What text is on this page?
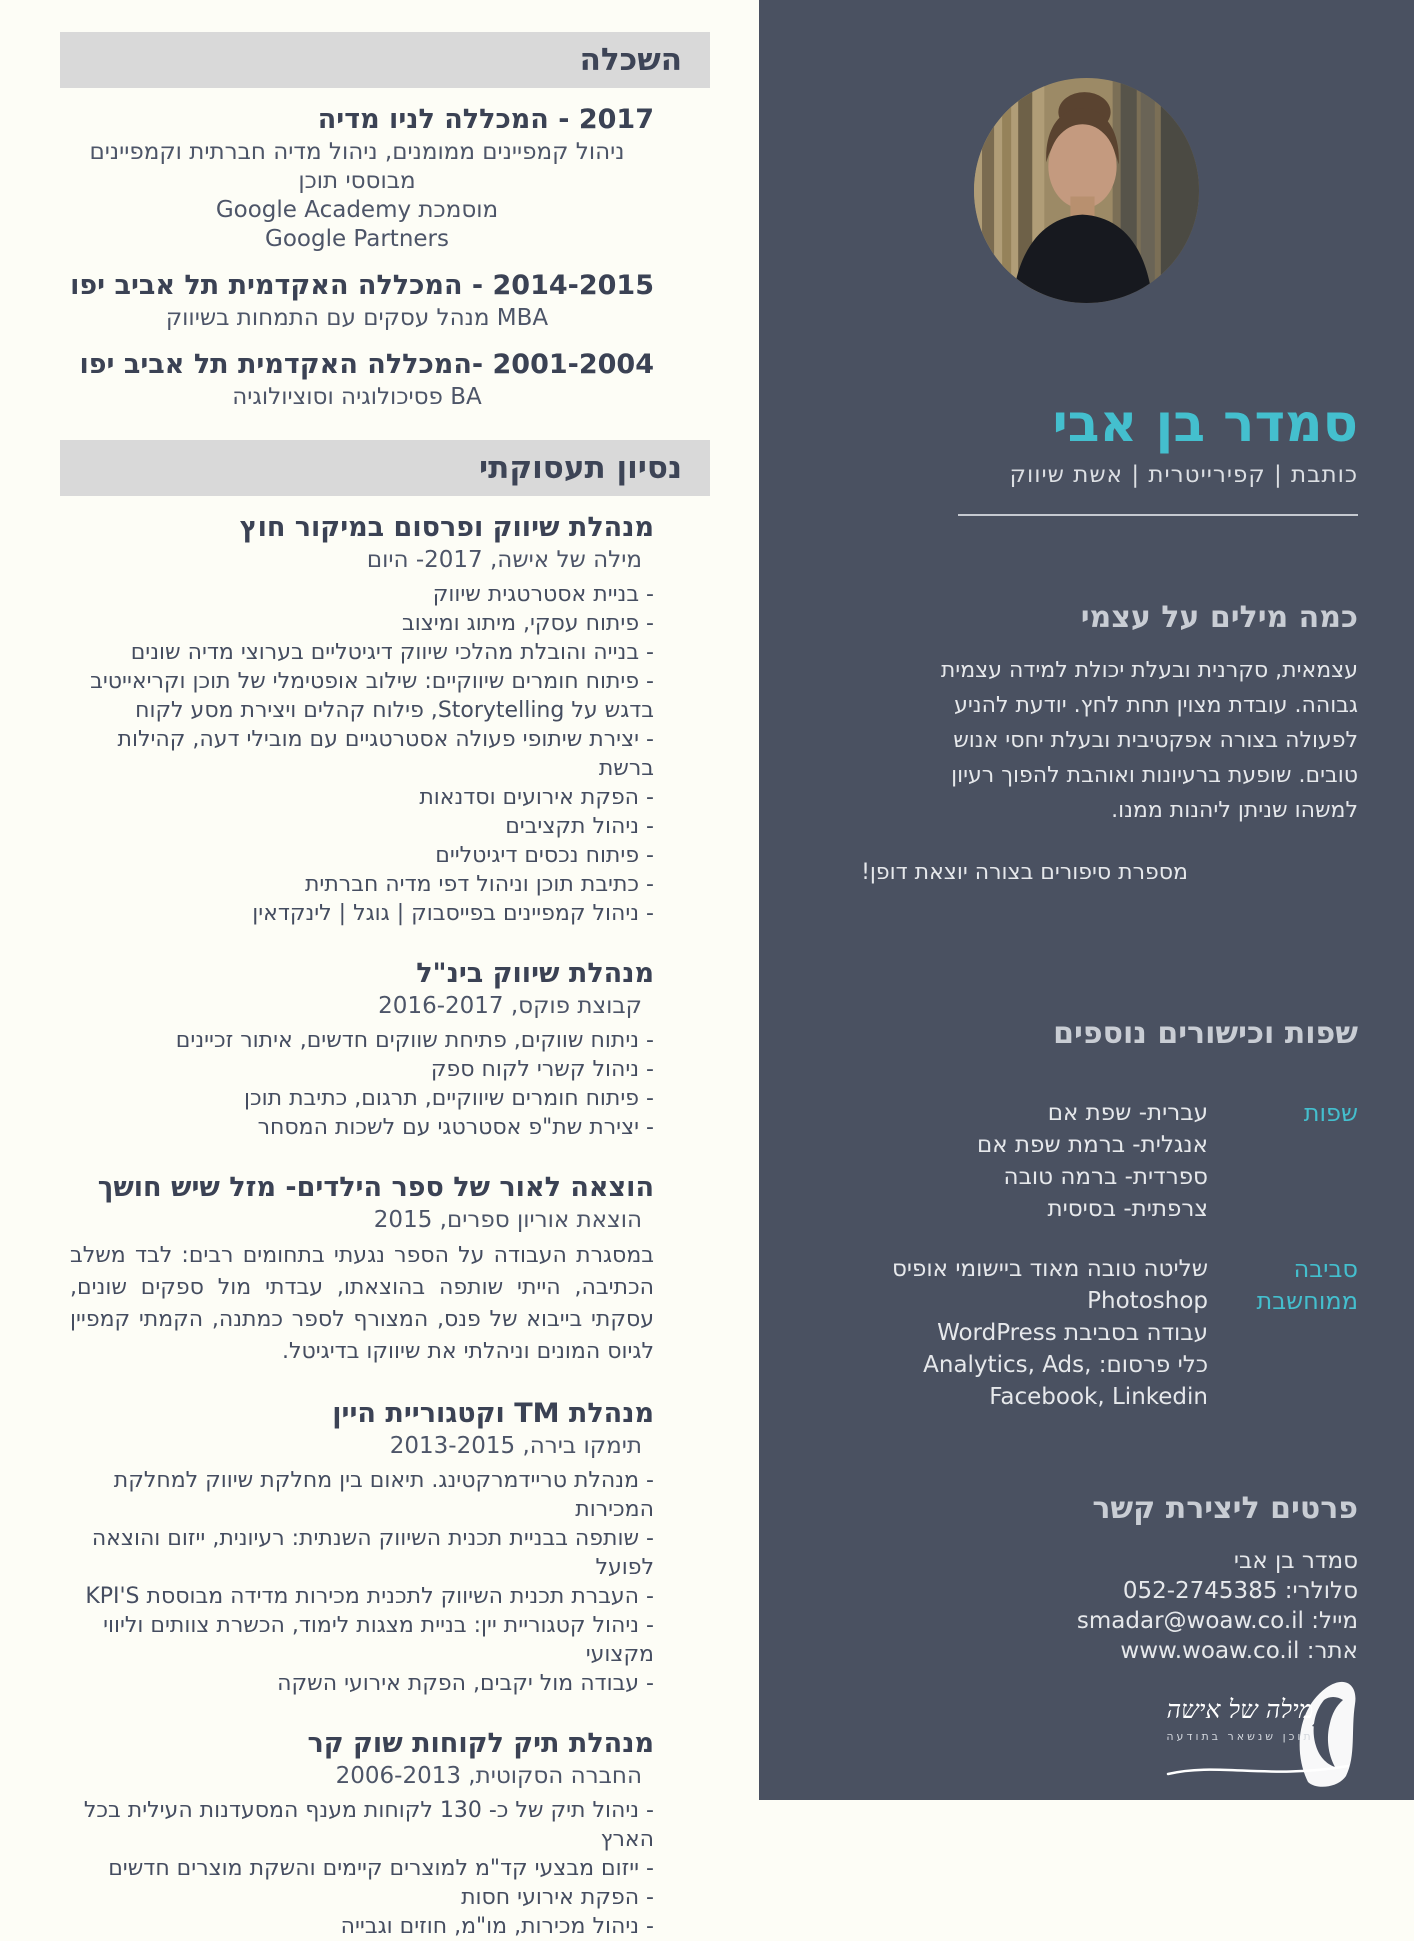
השכלה
2017 - המכללה לניו מדיה
ניהול קמפיינים ממומנים, ניהול מדיה חברתית וקמפיינים מבוססי תוכן
מוסמכת Google Academy
Google Partners
2014-2015 - המכללה האקדמית תל אביב יפו
MBA מנהל עסקים עם התמחות בשיווק
2001-2004 -המכללה האקדמית תל אביב יפו
BA פסיכולוגיה וסוציולוגיה
נסיון תעסוקתי
מנהלת שיווק ופרסום במיקור חוץ
מילה של אישה, 2017- היום
- בניית אסטרטגית שיווק
- פיתוח עסקי, מיתוג ומיצוב
- בנייה והובלת מהלכי שיווק דיגיטליים בערוצי מדיה שונים
- פיתוח חומרים שיווקיים: שילוב אופטימלי של תוכן וקריאייטיב בדגש על Storytelling, פילוח קהלים ויצירת מסע לקוח
- יצירת שיתופי פעולה אסטרטגיים עם מובילי דעה, קהילות ברשת
- הפקת אירועים וסדנאות
- ניהול תקציבים
- פיתוח נכסים דיגיטליים
- כתיבת תוכן וניהול דפי מדיה חברתית
- ניהול קמפיינים בפייסבוק | גוגל | לינקדאין
מנהלת שיווק בינ"ל
קבוצת פוקס, 2016-2017
- ניתוח שווקים, פתיחת שווקים חדשים, איתור זכיינים
- ניהול קשרי לקוח ספק
- פיתוח חומרים שיווקיים, תרגום, כתיבת תוכן
- יצירת שת"פ אסטרטגי עם לשכות המסחר
הוצאה לאור של ספר הילדים- מזל שיש חושך
הוצאת אוריון ספרים, 2015
במסגרת העבודה על הספר נגעתי בתחומים רבים: לבד משלב הכתיבה, הייתי שותפה בהוצאתו, עבדתי מול ספקים שונים, עסקתי בייבוא של פנס, המצורף לספר כמתנה, הקמתי קמפיין לגיוס המונים וניהלתי את שיווקו בדיגיטל.
מנהלת TM וקטגוריית היין
תימקו בירה, 2013-2015
- מנהלת טריידמרקטינג. תיאום בין מחלקת שיווק למחלקת המכירות
- שותפה בבניית תכנית השיווק השנתית: רעיונית, ייזום והוצאה לפועל
- העברת תכנית השיווק לתכנית מכירות מדידה מבוססת KPI'S
- ניהול קטגוריית יין: בניית מצגות לימוד, הכשרת צוותים וליווי מקצועי
- עבודה מול יקבים, הפקת אירועי השקה
מנהלת תיק לקוחות שוק קר
החברה הסקוטית, 2006-2013
- ניהול תיק של כ- 130 לקוחות מענף המסעדנות העילית בכל הארץ
- ייזום מבצעי קד"מ למוצרים קיימים והשקת מוצרים חדשים
- הפקת אירועי חסות
- ניהול מכירות, מו"מ, חוזים וגבייה
סמדר בן אבי
כותבת | קפירייטרית | אשת שיווק
כמה מילים על עצמי

עצמאית, סקרנית ובעלת יכולת למידה עצמית גבוהה. עובדת מצוין תחת לחץ. יודעת להניע לפעולה בצורה אפקטיבית ובעלת יחסי אנוש טובים. שופעת ברעיונות ואוהבת להפוך רעיון למשהו שניתן ליהנות ממנו.

מספרת סיפורים בצורה יוצאת דופן!
שפות וכישורים נוספים
שפות
עברית- שפת אם
אנגלית- ברמת שפת אם
ספרדית- ברמה טובה
צרפתית- בסיסית
סביבה ממוחשבת
שליטה טובה מאוד ביישומי אופיס
Photoshop
עבודה בסביבת WordPress
כלי פרסום: Analytics, Ads, Facebook, Linkedin
פרטים ליצירת קשר
סמדר בן אבי
סלולרי: 052-2745385
מייל: smadar@woaw.co.il
אתר: www.woaw.co.il
מילה של אישה
תוכן שנשאר בתודעה
